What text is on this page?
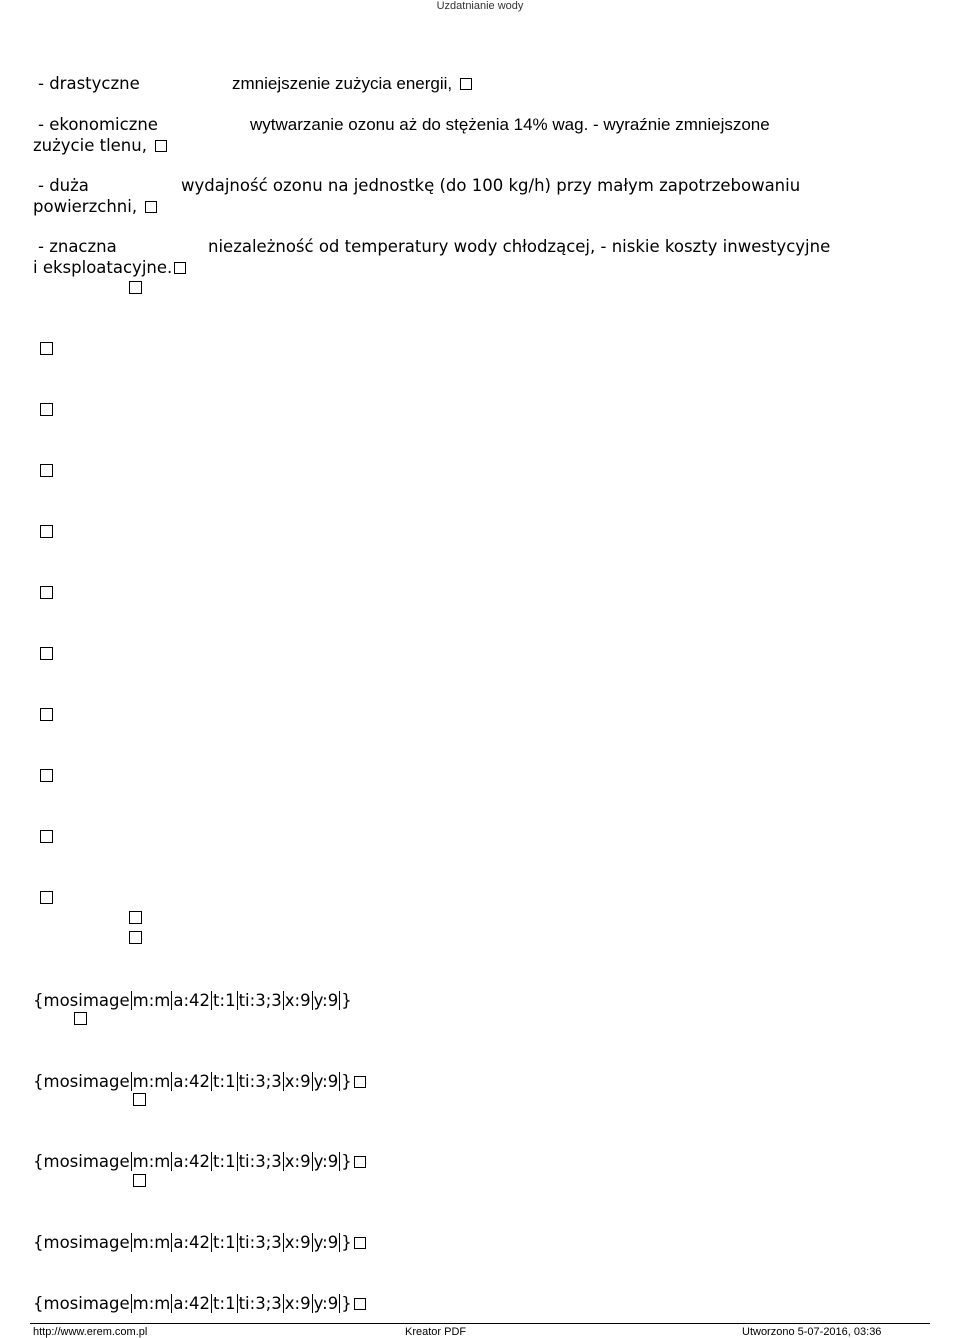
Uzdatnianie wody
- drastyczne	zmniejszenie zużycia energii,
- ekonomiczne	wytwarzanie ozonu aż do stężenia 14% wag. - wyraźnie zmniejszone
zużycie tlenu,
- duża	wydajność ozonu na jednostkę (do 100 kg/h) przy małym zapotrzebowaniu
powierzchni,
- znaczna	niezależność od temperatury wody chłodzącej, - niskie koszty inwestycyjne
i eksploatacyjne.
{mosimage m:m a:42 t:1 ti:3;3 x:9 y:9 }
{mosimage m:m a:42 t:1 ti:3;3 x:9 y:9 }
{mosimage m:m a:42 t:1 ti:3;3 x:9 y:9 }
{mosimage m:m a:42 t:1 ti:3;3 x:9 y:9 }
{mosimage m:m a:42 t:1 ti:3;3 x:9 y:9 }
http://www.erem.com.pl	Kreator PDF	Utworzono 5-07-2016, 03:36
